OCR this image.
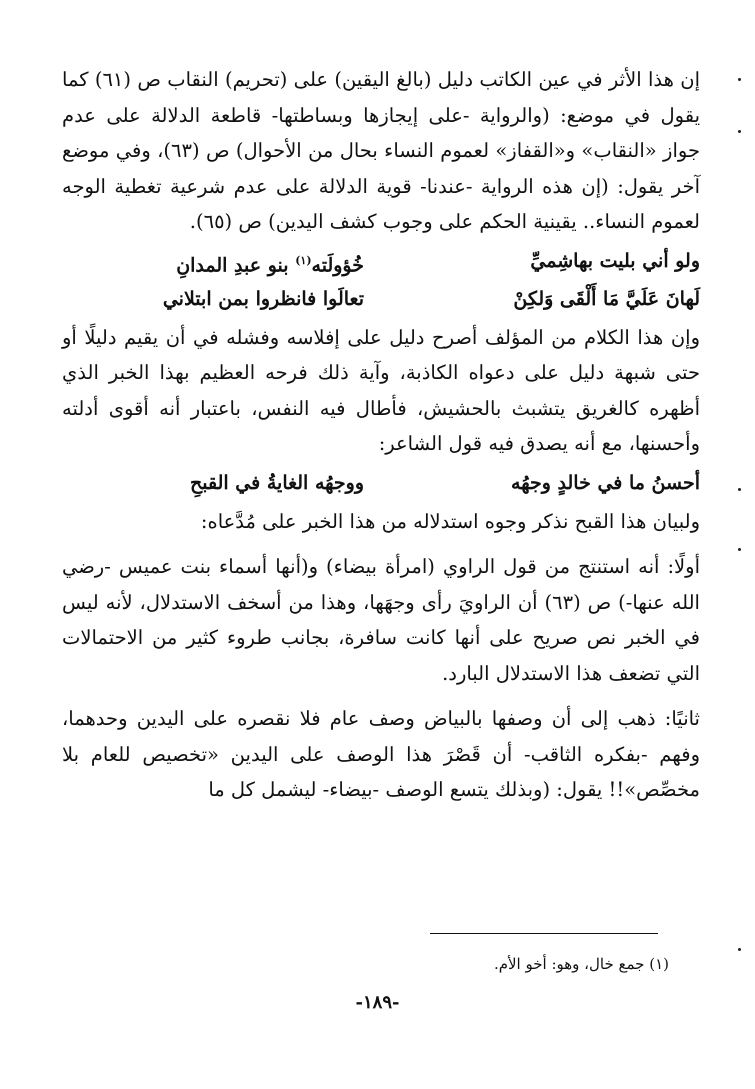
إن هذا الأثر في عين الكاتب دليل (بالغ اليقين) على (تحريم) النقاب ص (٦١) كما يقول في موضع: (والرواية -على إيجازها وبساطتها- قاطعة الدلالة على عدم جواز «النقاب» و«القفاز» لعموم النساء بحال من الأحوال) ص (٦٣)، وفي موضع آخر يقول: (إن هذه الرواية -عندنا- قوية الدلالة على عدم شرعية تغطية الوجه لعموم النساء.. يقينية الحكم على وجوب كشف اليدين) ص (٦٥).

ولو أني بليت بهاشِميِّ
خُؤولَته$^{(١)}$ بنو عبدِ المدانِ
لَهانَ عَلَيَّ مَا أَلْقَى وَلكِنْ
تعالَوا فانظروا بمن ابتلاني

وإن هذا الكلام من المؤلف أصرح دليل على إفلاسه وفشله في أن يقيم دليلًا أو حتى شبهة دليل على دعواه الكاذبة، وآية ذلك فرحه العظيم بهذا الخبر الذي أظهره كالغريق يتشبث بالحشيش، فأطال فيه النفس، باعتبار أنه أقوى أدلته وأحسنها، مع أنه يصدق فيه قول الشاعر:

أحسنُ ما في خالدٍ وجهُه
ووجهُه الغايةُ في القبحِ

ولبيان هذا القبح نذكر وجوه استدلاله من هذا الخبر على مُدَّعاه:

أولًا: أنه استنتج من قول الراوي (امرأة بيضاء) و(أنها أسماء بنت عميس -رضي الله عنها-) ص (٦٣) أن الراويَ رأى وجهَها، وهذا من أسخف الاستدلال، لأنه ليس في الخبر نص صريح على أنها كانت سافرة، بجانب طروء كثير من الاحتمالات التي تضعف هذا الاستدلال البارد.

ثانيًا: ذهب إلى أن وصفها بالبياض وصف عام فلا نقصره على اليدين وحدهما، وفهم -بفكره الثاقب- أن قَصْرَ هذا الوصف على اليدين «تخصيص للعام بلا مخصِّص»!! يقول: (وبذلك يتسع الوصف -بيضاء- ليشمل كل ما

(١) جمع خال، وهو: أخو الأم.
-١٨٩-
